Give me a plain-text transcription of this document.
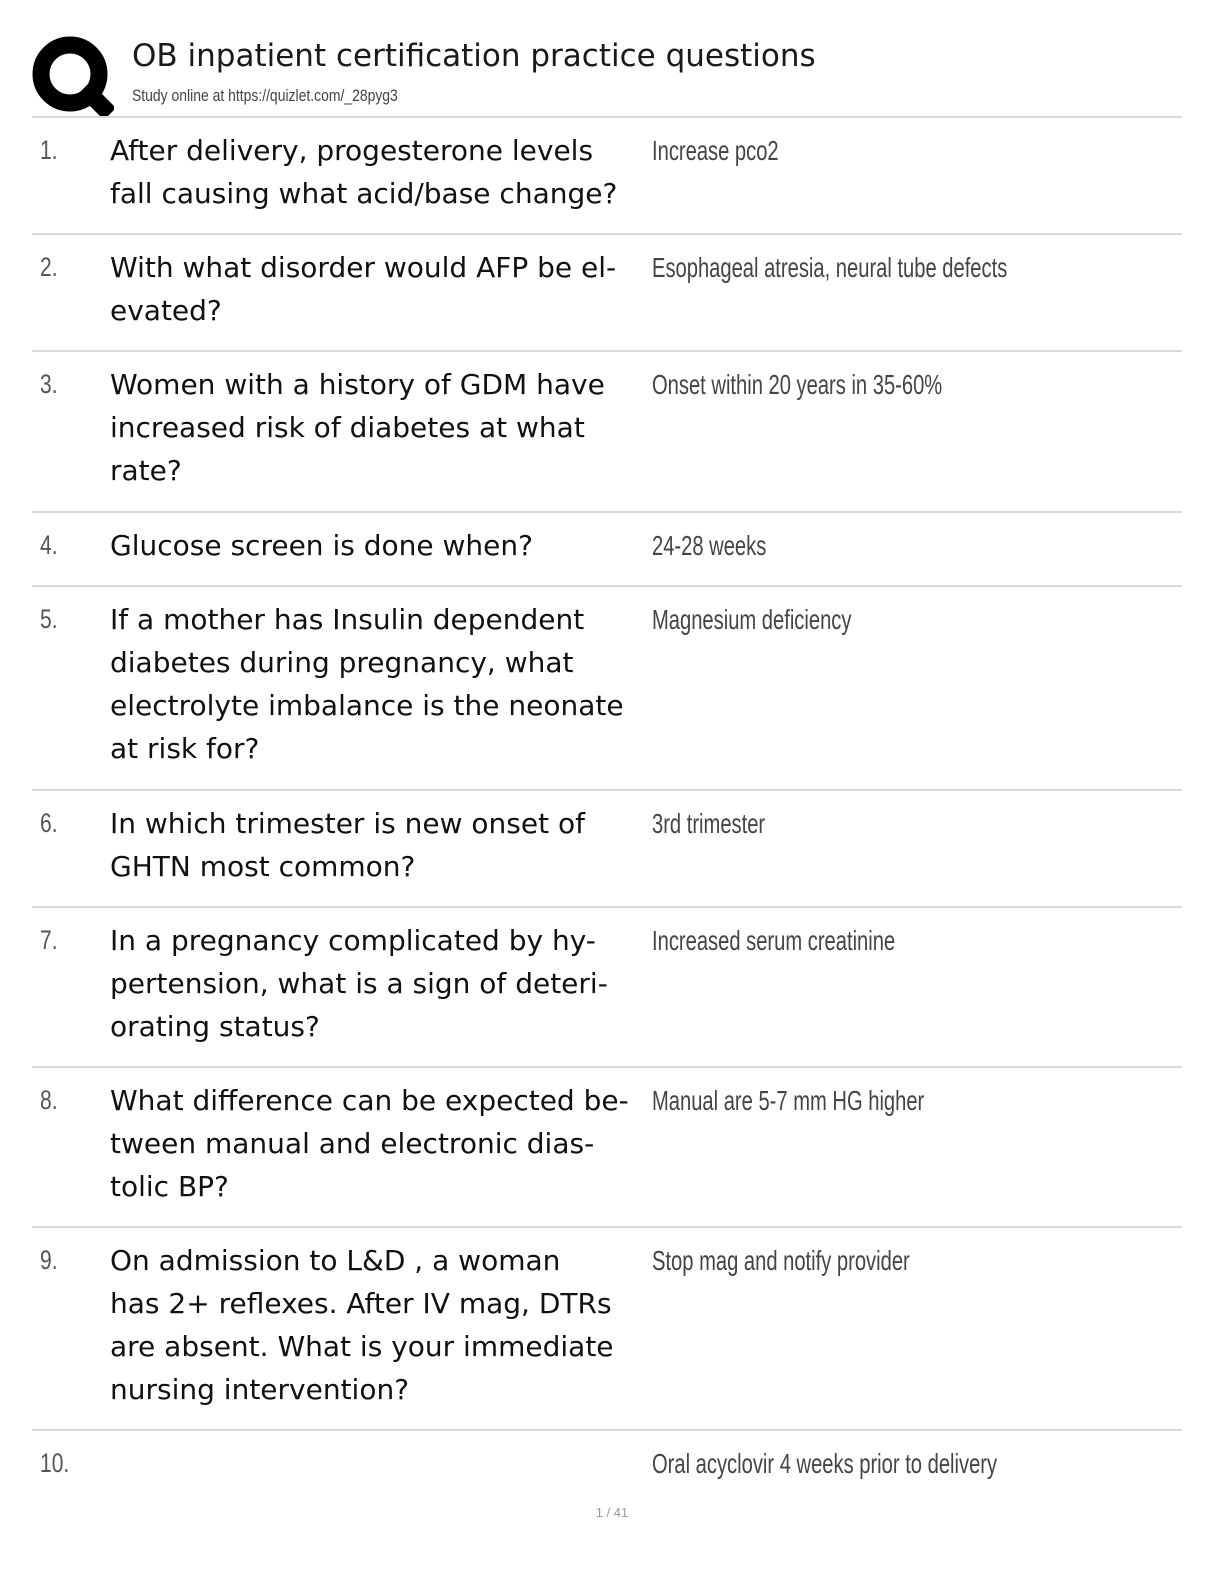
OB inpatient certification practice questions
Study online at https://quizlet.com/_28pyg3
1. After delivery, progesterone levels
fall causing what acid/base change?
Increase pco2
2. With what disorder would AFP be el-
evated?
Esophageal atresia, neural tube defects
3. Women with a history of GDM have
increased risk of diabetes at what
rate?
Onset within 20 years in 35-60%
4. Glucose screen is done when?	24-28 weeks
5. If a mother has Insulin dependent
diabetes during pregnancy, what
electrolyte imbalance is the neonate
at risk for?
Magnesium deficiency
6. In which trimester is new onset of
GHTN most common?
3rd trimester
7. In a pregnancy complicated by hy-
pertension, what is a sign of deteri-
orating status?
Increased serum creatinine
8. What difference can be expected be-
tween manual and electronic dias-
tolic BP?
Manual are 5-7 mm HG higher
9. On admission to L&D , a woman
has 2+ reflexes. After IV mag, DTRs
are absent. What is your immediate
nursing intervention?
Stop mag and notify provider
10.	Oral acyclovir 4 weeks prior to delivery
1 / 41
